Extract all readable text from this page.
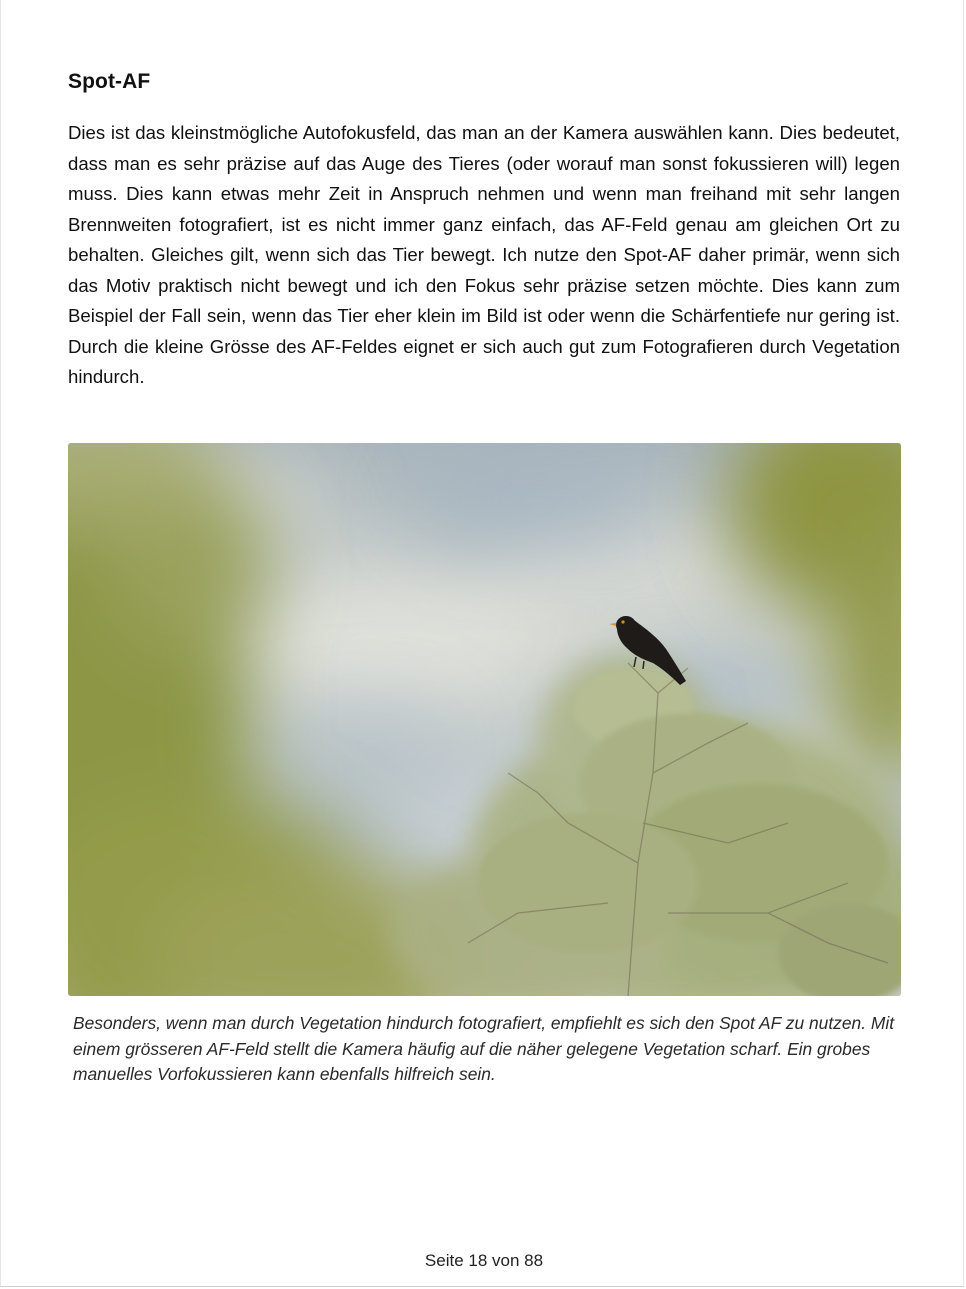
Spot-AF

Dies ist das kleinstmögliche Autofokusfeld, das man an der Kamera auswählen kann. Dies bedeutet, dass man es sehr präzise auf das Auge des Tieres (oder worauf man sonst fokussieren will) legen muss. Dies kann etwas mehr Zeit in Anspruch nehmen und wenn man freihand mit sehr langen Brennweiten fotografiert, ist es nicht immer ganz einfach, das AF-Feld genau am gleichen Ort zu behalten. Gleiches gilt, wenn sich das Tier bewegt. Ich nutze den Spot-AF daher primär, wenn sich das Motiv praktisch nicht bewegt und ich den Fokus sehr präzise setzen möchte. Dies kann zum Beispiel der Fall sein, wenn das Tier eher klein im Bild ist oder wenn die Schärfentiefe nur gering ist. Durch die kleine Grösse des AF-Feldes eignet er sich auch gut zum Fotografieren durch Vegetation hindurch.

Besonders, wenn man durch Vegetation hindurch fotografiert, empfiehlt es sich den Spot AF zu nutzen. Mit einem grösseren AF-Feld stellt die Kamera häufig auf die näher gelegene Vegetation scharf. Ein grobes manuelles Vorfokussieren kann ebenfalls hilfreich sein.

Seite 18 von 88
